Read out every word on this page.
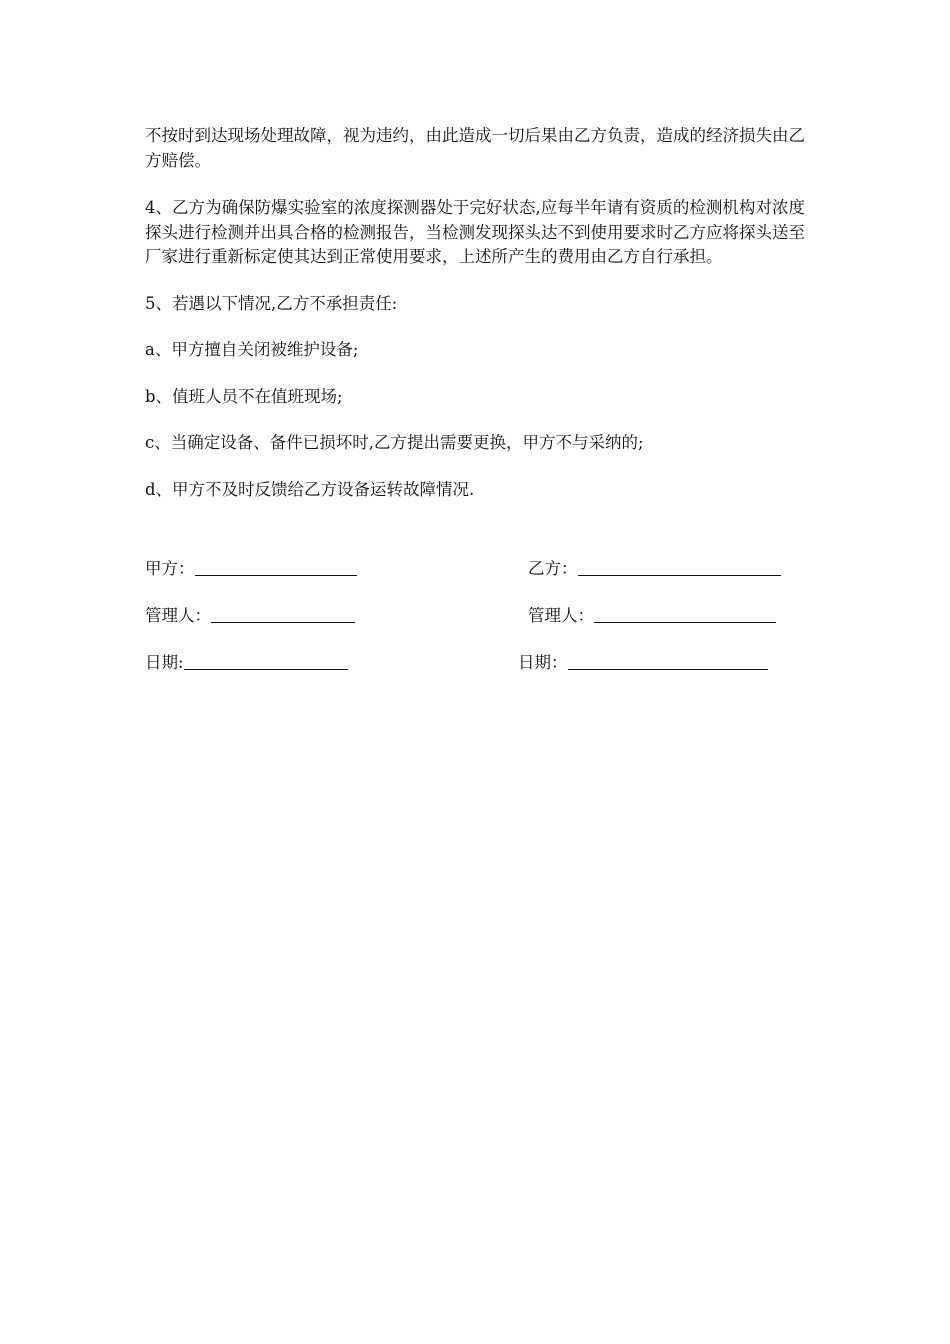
不按时到达现场处理故障，视为违约，由此造成一切后果由乙方负责，造成的经济损失由乙方赔偿。

4、乙方为确保防爆实验室的浓度探测器处于完好状态,应每半年请有资质的检测机构对浓度探头进行检测并出具合格的检测报告，当检测发现探头达不到使用要求时乙方应将探头送至厂家进行重新标定使其达到正常使用要求，上述所产生的费用由乙方自行承担。

5、若遇以下情况,乙方不承担责任:

a、甲方擅自关闭被维护设备;

b、值班人员不在值班现场;

c、当确定设备、备件已损坏时,乙方提出需要更换，甲方不与采纳的;

d、甲方不及时反馈给乙方设备运转故障情况.

甲方：	乙方：
管理人：	管理人：
日期:	日期：
